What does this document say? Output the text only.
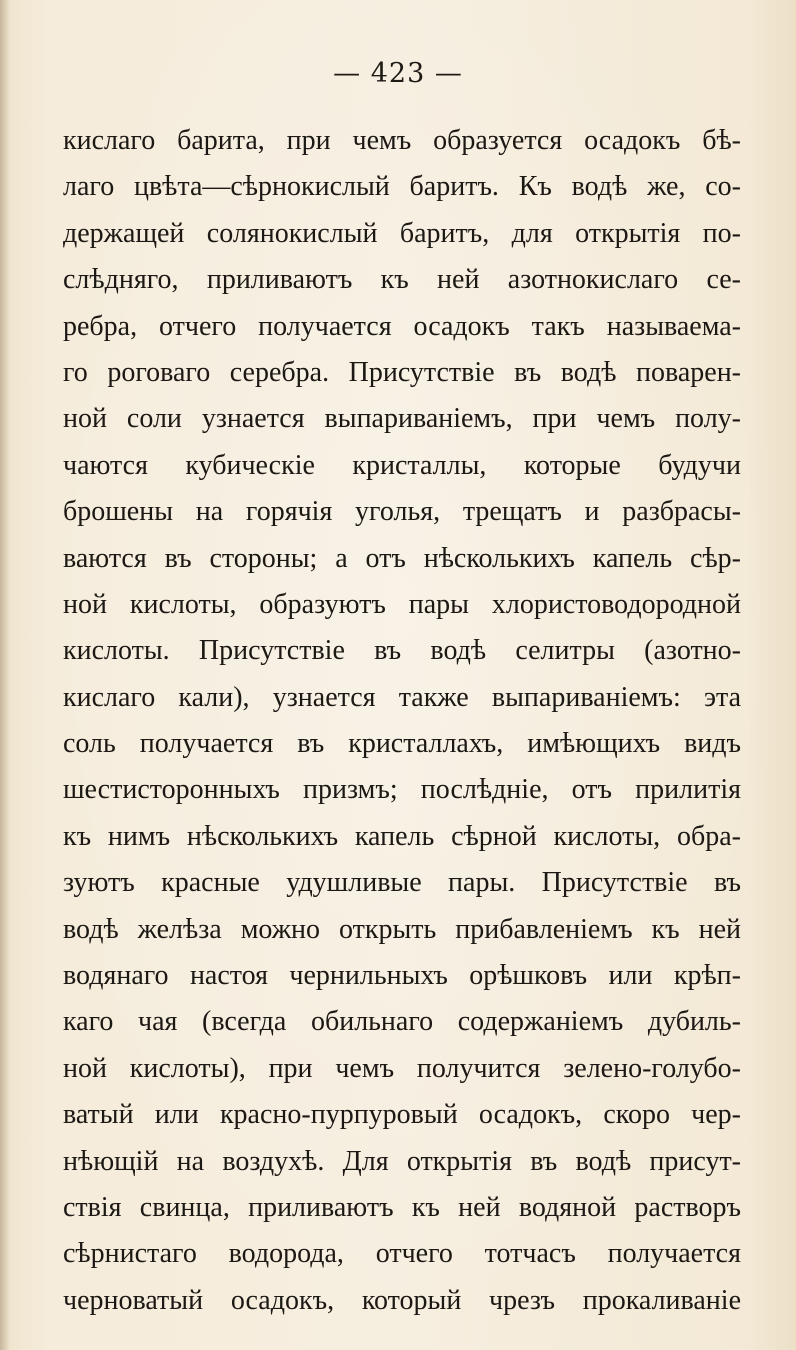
— 423 —
кислаго барита, при чемъ образуется осадокъ бѣ-
лаго цвѣта—сѣрнокислый баритъ. Къ водѣ же, со-
держащей солянокислый баритъ, для открытія по-
слѣдняго, приливаютъ къ ней азотнокислаго се-
ребра, отчего получается осадокъ такъ называема-
го роговаго серебра. Присутствіе въ водѣ поварен-
ной соли узнается выпариваніемъ, при чемъ полу-
чаются кубическіе кристаллы, которые будучи
брошены на горячія уголья, трещатъ и разбрасы-
ваются въ стороны; а отъ нѣсколькихъ капель сѣр-
ной кислоты, образуютъ пары хлористоводородной
кислоты. Присутствіе въ водѣ селитры (азотно-
кислаго кали), узнается также выпариваніемъ: эта
соль получается въ кристаллахъ, имѣющихъ видъ
шестисторонныхъ призмъ; послѣдніе, отъ прилитія
къ нимъ нѣсколькихъ капель сѣрной кислоты, обра-
зуютъ красные удушливые пары. Присутствіе въ
водѣ желѣза можно открыть прибавленіемъ къ ней
водянаго настоя чернильныхъ орѣшковъ или крѣп-
каго чая (всегда обильнаго содержаніемъ дубиль-
ной кислоты), при чемъ получится зелено-голубо-
ватый или красно-пурпуровый осадокъ, скоро чер-
нѣющій на воздухѣ. Для открытія въ водѣ присут-
ствія свинца, приливаютъ къ ней водяной растворъ
сѣрнистаго водорода, отчего тотчасъ получается
черноватый осадокъ, который чрезъ прокаливаніе
